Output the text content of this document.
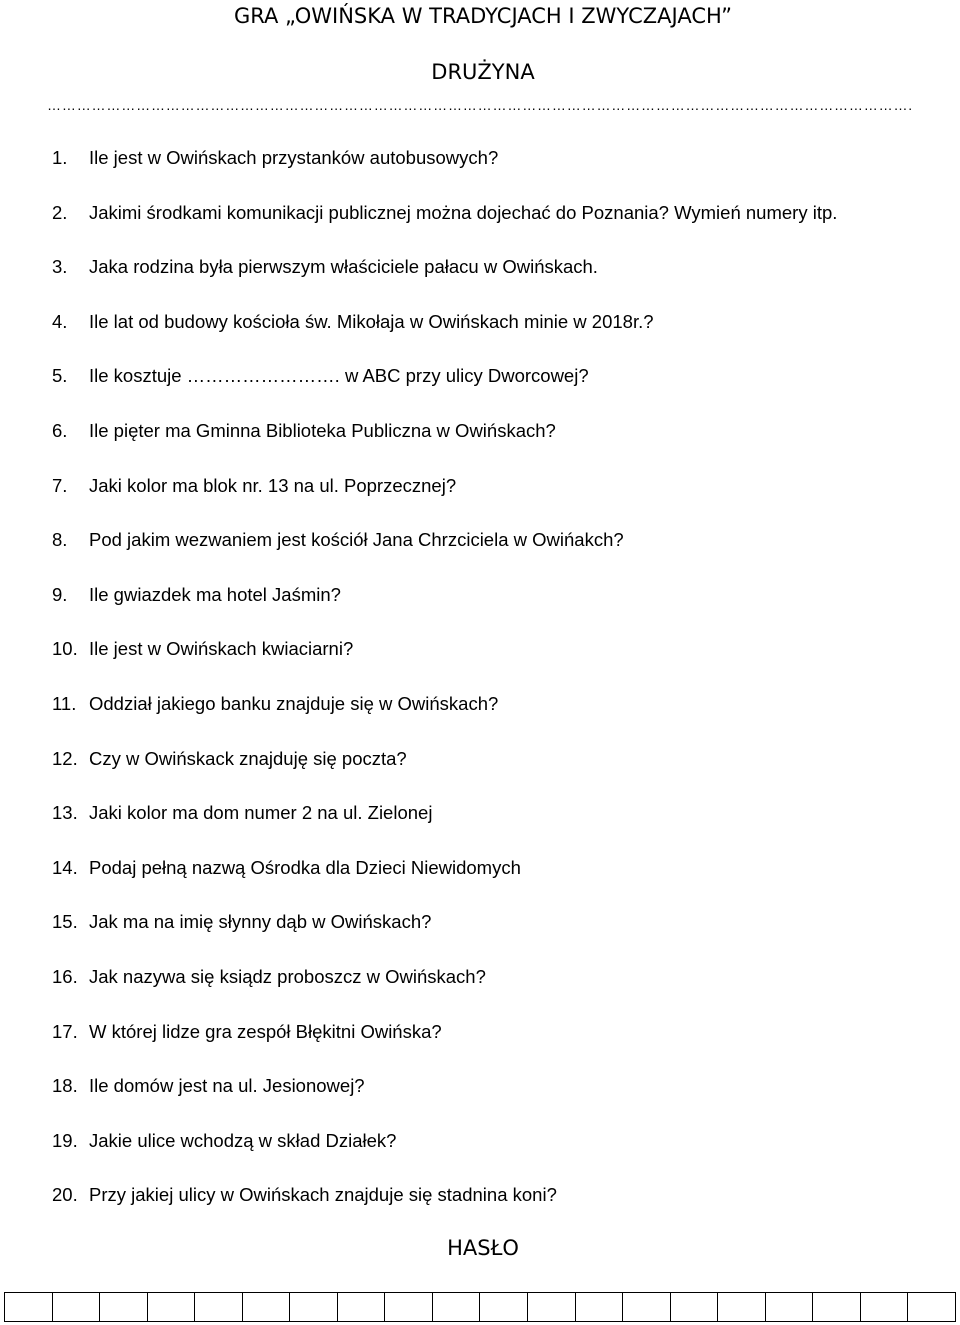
GRA „OWIŃSKA W TRADYCJACH I ZWYCZAJACH”
DRUŻYNA
………………………………………………………………………………………………………………………………………………………….
1. Ile jest w Owińskach przystanków autobusowych?
2. Jakimi środkami komunikacji publicznej można dojechać do Poznania? Wymień numery itp.
3. Jaka rodzina była pierwszym właściciele pałacu w Owińskach.
4. Ile lat od budowy kościoła św. Mikołaja w Owińskach minie w 2018r.?
5. Ile kosztuje ……………………. w ABC przy ulicy Dworcowej?
6. Ile pięter ma Gminna Biblioteka Publiczna w Owińskach?
7. Jaki kolor ma blok nr. 13 na ul. Poprzecznej?
8. Pod jakim wezwaniem jest kościół Jana Chrzciciela w Owińakch?
9. Ile gwiazdek ma hotel Jaśmin?
10. Ile jest w Owińskach kwiaciarni?
11. Oddział jakiego banku znajduje się w Owińskach?
12. Czy w Owińskack znajduję się poczta?
13. Jaki kolor ma dom numer 2 na ul. Zielonej
14. Podaj pełną nazwą Ośrodka dla Dzieci Niewidomych
15. Jak ma na imię słynny dąb w Owińskach?
16. Jak nazywa się ksiądz proboszcz w Owińskach?
17. W której lidze gra zespół Błękitni Owińska?
18. Ile domów jest na ul. Jesionowej?
19. Jakie ulice wchodzą w skład Działek?
20. Przy jakiej ulicy w Owińskach znajduje się stadnina koni?
HASŁO
